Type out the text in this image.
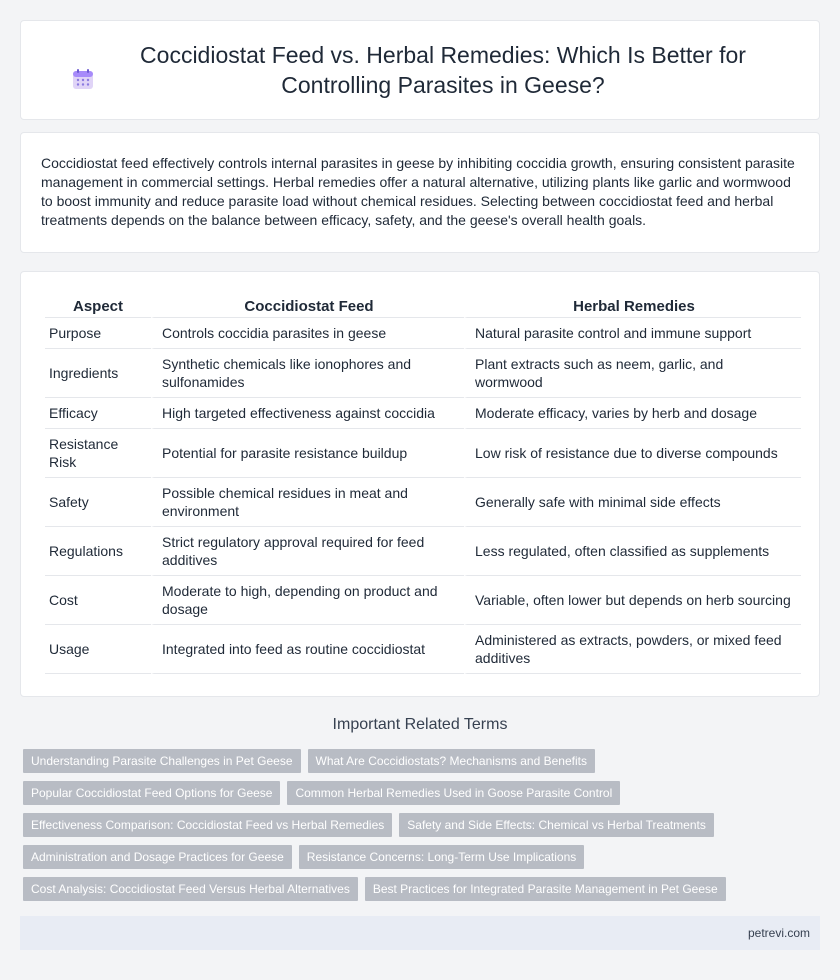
Coccidiostat Feed vs. Herbal Remedies: Which Is Better for Controlling Parasites in Geese?

Coccidiostat feed effectively controls internal parasites in geese by inhibiting coccidia growth, ensuring consistent parasite management in commercial settings. Herbal remedies offer a natural alternative, utilizing plants like garlic and wormwood to boost immunity and reduce parasite load without chemical residues. Selecting between coccidiostat feed and herbal treatments depends on the balance between efficacy, safety, and the geese's overall health goals.

Aspect	Coccidiostat Feed	Herbal Remedies
Purpose	Controls coccidia parasites in geese	Natural parasite control and immune support
Ingredients	Synthetic chemicals like ionophores and sulfonamides	Plant extracts such as neem, garlic, and wormwood
Efficacy	High targeted effectiveness against coccidia	Moderate efficacy, varies by herb and dosage
Resistance Risk	Potential for parasite resistance buildup	Low risk of resistance due to diverse compounds
Safety	Possible chemical residues in meat and environment	Generally safe with minimal side effects
Regulations	Strict regulatory approval required for feed additives	Less regulated, often classified as supplements
Cost	Moderate to high, depending on product and dosage	Variable, often lower but depends on herb sourcing
Usage	Integrated into feed as routine coccidiostat	Administered as extracts, powders, or mixed feed additives
Important Related Terms
Understanding Parasite Challenges in Pet Geese	What Are Coccidiostats? Mechanisms and Benefits
Popular Coccidiostat Feed Options for Geese	Common Herbal Remedies Used in Goose Parasite Control
Effectiveness Comparison: Coccidiostat Feed vs Herbal Remedies	Safety and Side Effects: Chemical vs Herbal Treatments
Administration and Dosage Practices for Geese	Resistance Concerns: Long-Term Use Implications
Cost Analysis: Coccidiostat Feed Versus Herbal Alternatives	Best Practices for Integrated Parasite Management in Pet Geese
petrevi.com
